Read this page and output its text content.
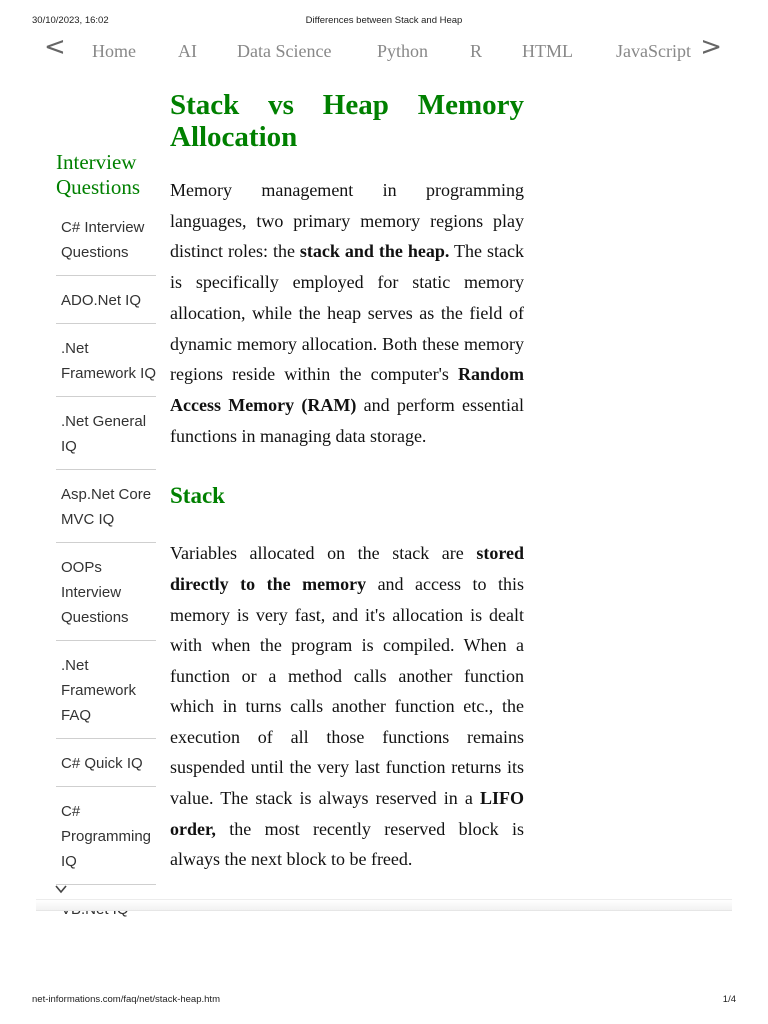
30/10/2023, 16:02	Differences between Stack and Heap
< Home AI Data Science	Python R HTML JavaScript >
Interview Questions
C# Interview Questions
ADO.Net IQ
.Net Framework IQ
.Net General IQ
Asp.Net Core MVC IQ
OOPs Interview Questions
.Net Framework FAQ
C# Quick IQ
C# Programming IQ
Stack vs Heap Memory Allocation

Memory management in programming languages, two primary memory regions play distinct roles: the stack and the heap. The stack is specifically employed for static memory allocation, while the heap serves as the field of dynamic memory allocation. Both these memory regions reside within the computer's Random Access Memory (RAM) and perform essential functions in managing data storage.

Stack

Variables allocated on the stack are stored directly to the memory and access to this memory is very fast, and it's allocation is dealt with when the program is compiled. When a function or a method calls another function which in turns calls another function etc., the execution of all those functions remains suspended until the very last function returns its value. The stack is always reserved in a LIFO order, the most recently reserved block is always the next block to be freed.

net-informations.com/faq/net/stack-heap.htm	1/4
